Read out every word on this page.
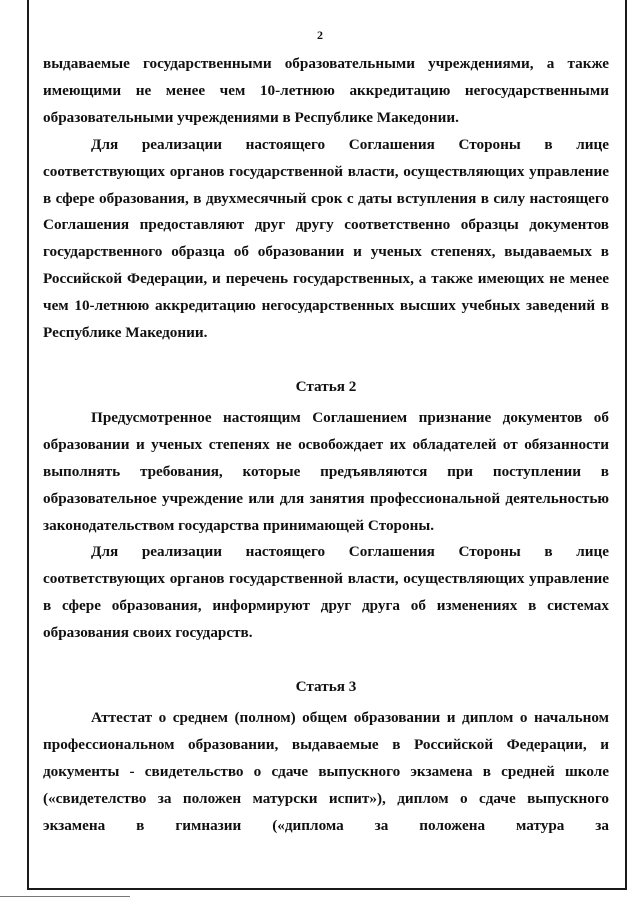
2

выдаваемые государственными образовательными учреждениями, а также имеющими не менее чем 10-летнюю аккредитацию негосударственными образовательными учреждениями в Республике Македонии.

Для реализации настоящего Соглашения Стороны в лице соответствующих органов государственной власти, осуществляющих управление в сфере образования, в двухмесячный срок с даты вступления в силу настоящего Соглашения предоставляют друг другу соответственно образцы документов государственного образца об образовании и ученых степенях, выдаваемых в Российской Федерации, и перечень государственных, а также имеющих не менее чем 10-летнюю аккредитацию негосударственных высших учебных заведений в Республике Македонии.

Статья 2

Предусмотренное настоящим Соглашением признание документов об образовании и ученых степенях не освобождает их обладателей от обязанности выполнять требования, которые предъявляются при поступлении в образовательное учреждение или для занятия профессиональной деятельностью законодательством государства принимающей Стороны.

Для реализации настоящего Соглашения Стороны в лице соответствующих органов государственной власти, осуществляющих управление в сфере образования, информируют друг друга об изменениях в системах образования своих государств.

Статья 3

Аттестат о среднем (полном) общем образовании и диплом о начальном профессиональном образовании, выдаваемые в Российской Федерации, и документы - свидетельство о сдаче выпускного экзамена в средней школе («свидетелство за положен матурски испит»), диплом о сдаче выпускного экзамена в гимназии («диплома за положена матура за
